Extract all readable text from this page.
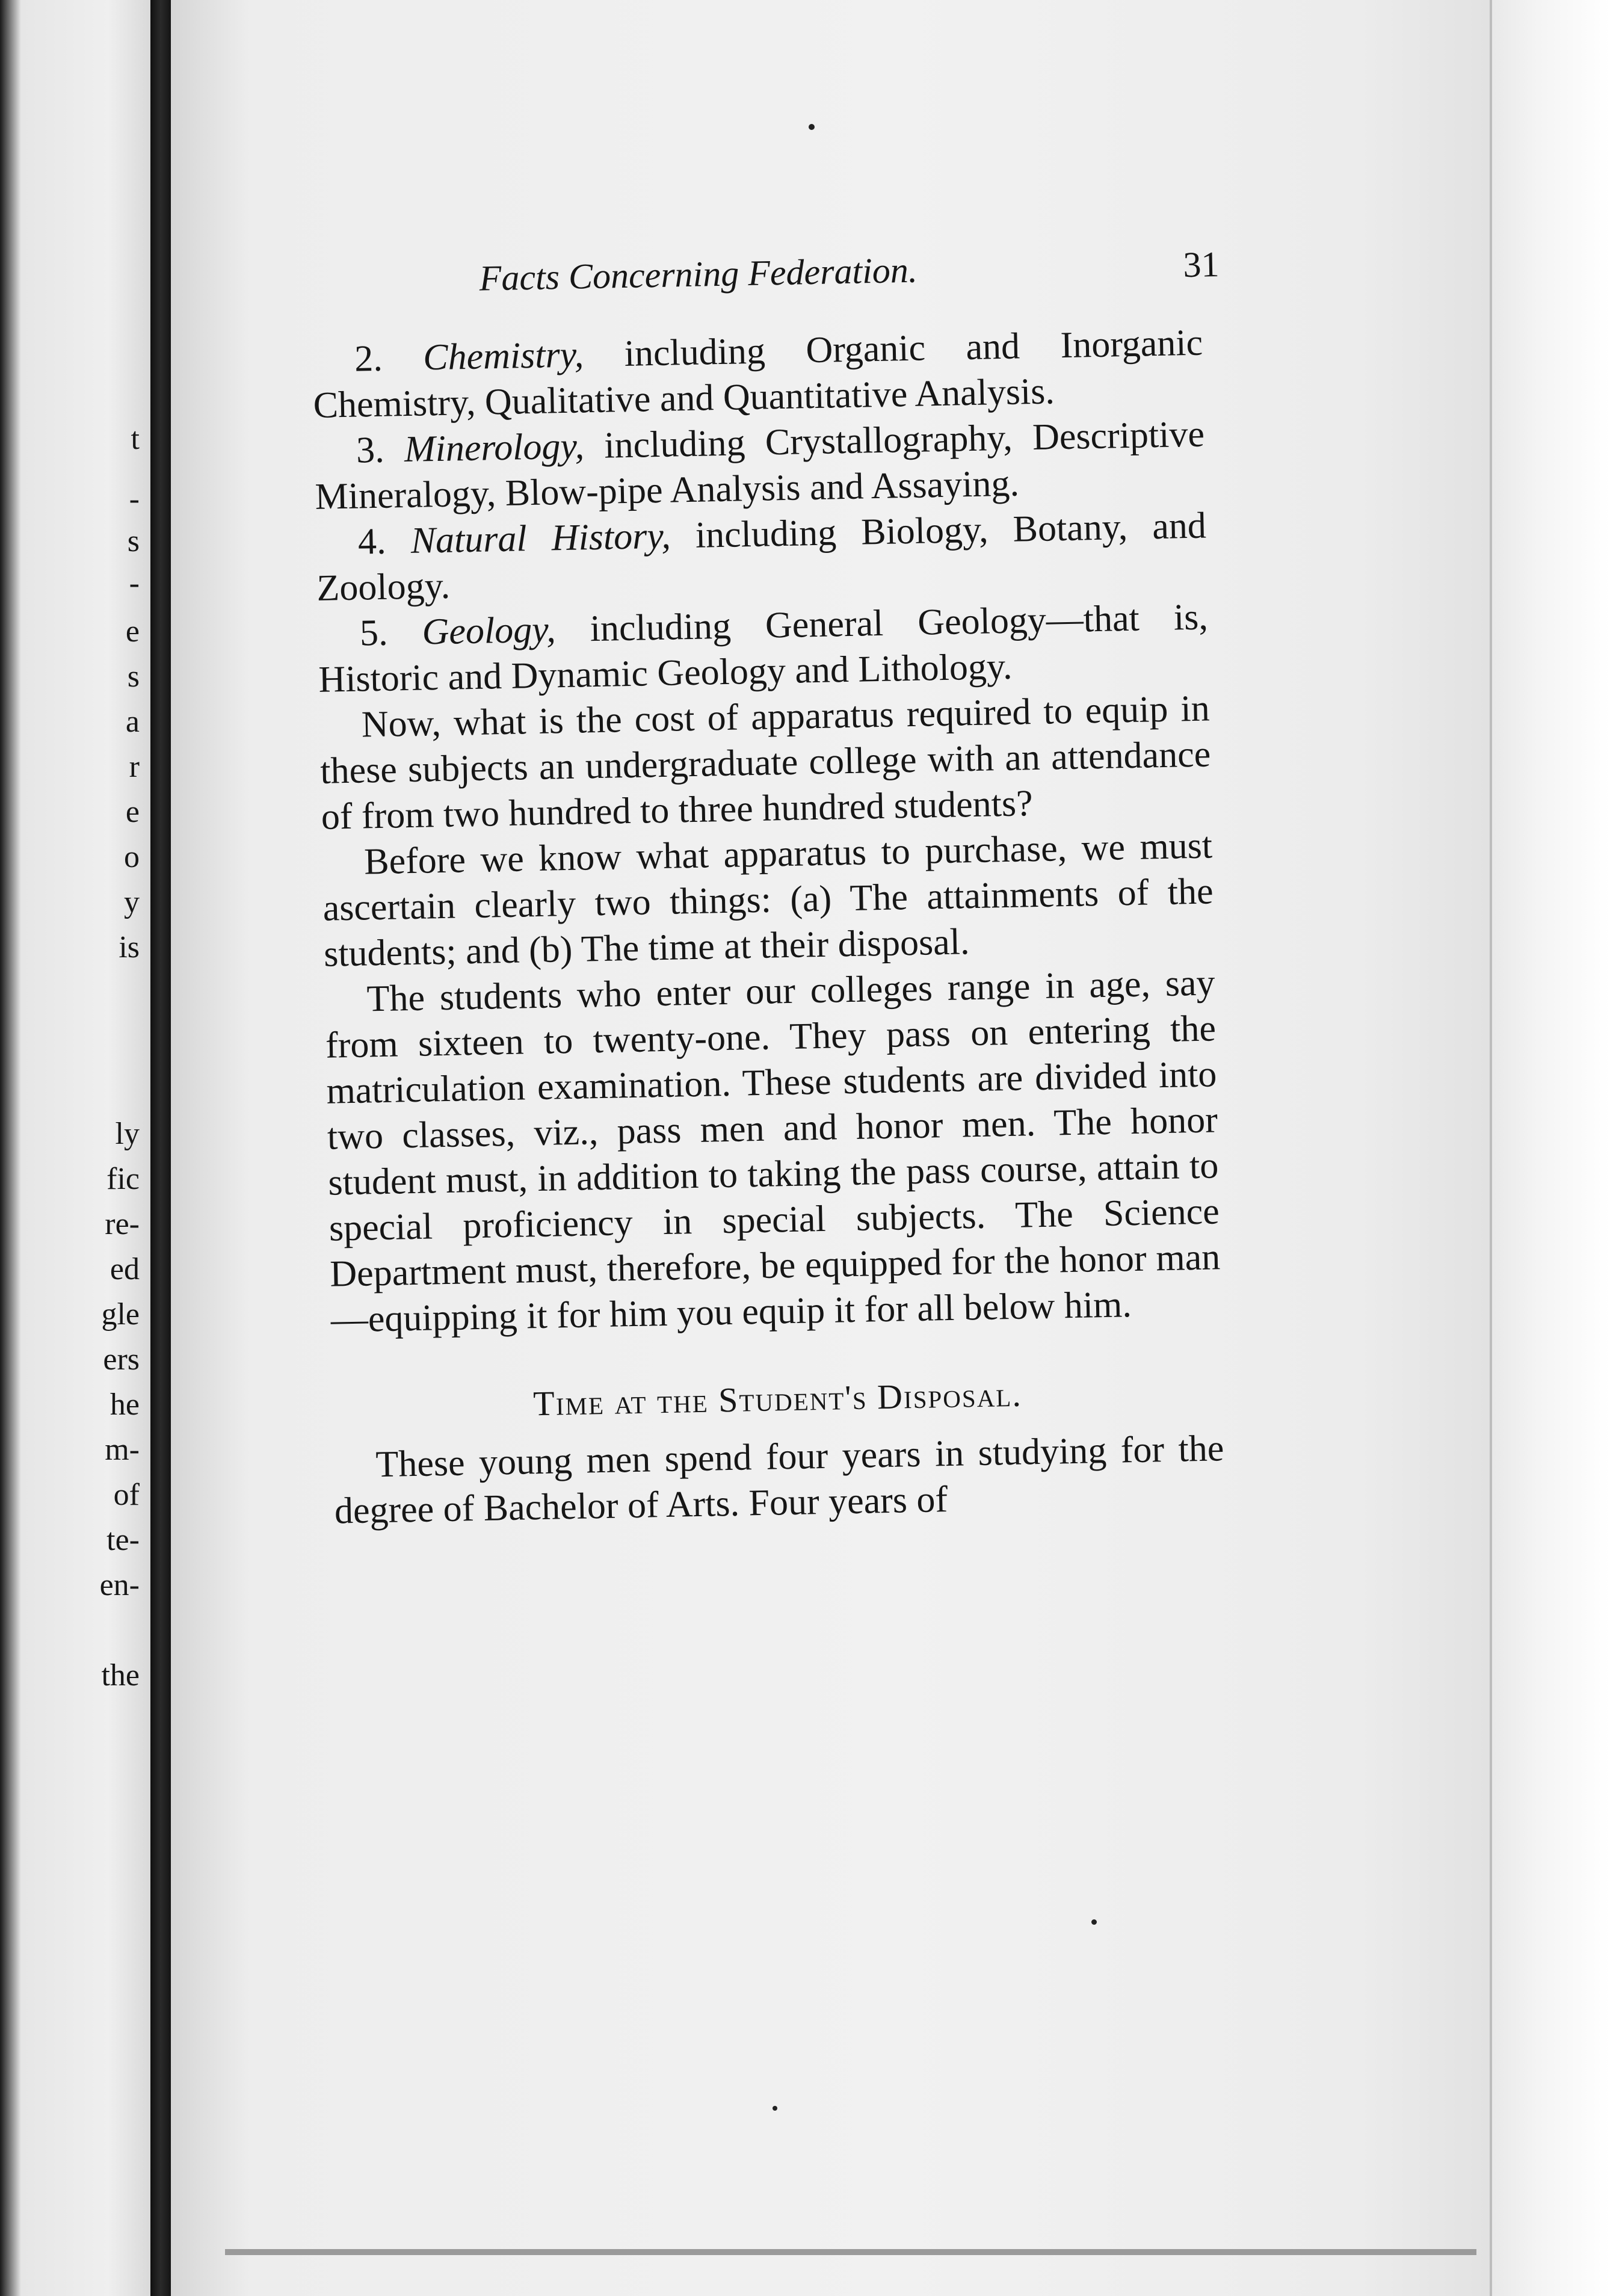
t
-
s
-
e
s
a
r
e
o
y
is
ly
fic
re-
ed
gle
ers
he
m-
of
te-
en-
the
Facts Concerning Federation.	31

2. Chemistry, including Organic and Inorganic Chemistry, Qualitative and Quantitative Analysis.

3. Minerology, including Crystallography, Descriptive Mineralogy, Blow-pipe Analysis and Assaying.

4. Natural History, including Biology, Botany, and Zoology.

5. Geology, including General Geology—that is, Historic and Dynamic Geology and Lithology.

Now, what is the cost of apparatus required to equip in these subjects an undergraduate college with an attendance of from two hundred to three hundred students?

Before we know what apparatus to purchase, we must ascertain clearly two things: (a) The attainments of the students; and (b) The time at their disposal.

The students who enter our colleges range in age, say from sixteen to twenty-one. They pass on entering the matriculation examination. These students are divided into two classes, viz., pass men and honor men. The honor student must, in addition to taking the pass course, attain to special proficiency in special subjects. The Science Department must, therefore, be equipped for the honor man—equipping it for him you equip it for all below him.

Time at the Student's Disposal.

These young men spend four years in studying for the degree of Bachelor of Arts. Four years of
